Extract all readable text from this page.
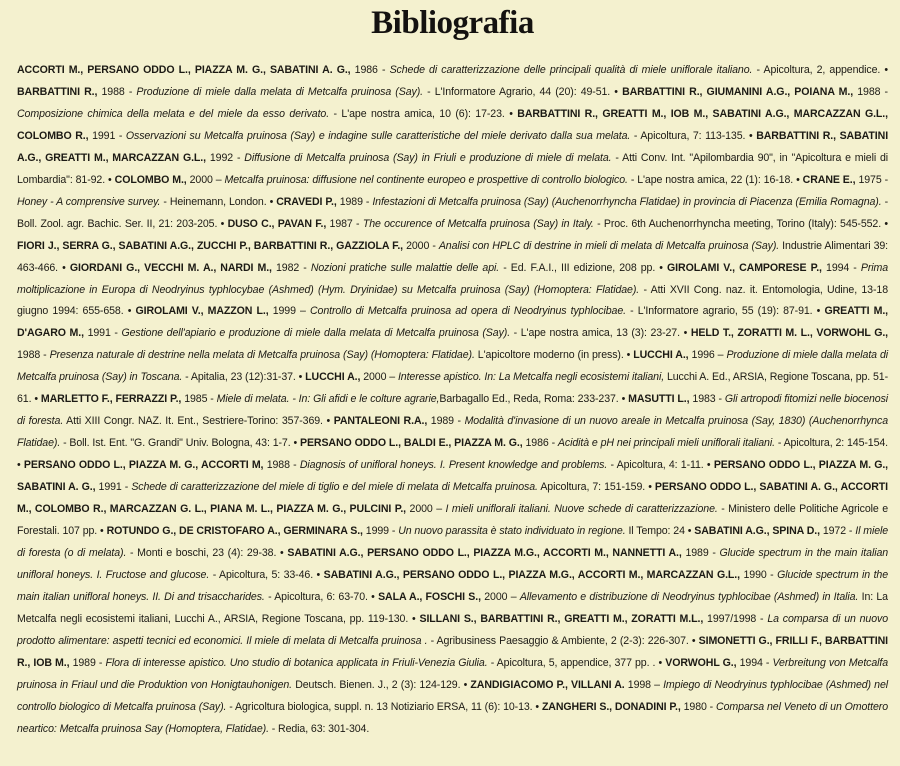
Bibliografia

ACCORTI M., PERSANO ODDO L., PIAZZA M. G., SABATINI A. G., 1986 - Schede di caratterizzazione delle principali qualità di miele uniflorale italiano. - Apicoltura, 2, appendice. • BARBATTINI R., 1988 - Produzione di miele dalla melata di Metcalfa pruinosa (Say). - L'Informatore Agrario, 44 (20): 49-51. • BARBATTINI R., GIUMANINI A.G., POIANA M., 1988 - Composizione chimica della melata e del miele da esso derivato. - L'ape nostra amica, 10 (6): 17-23. • BARBATTINI R., GREATTI M., IOB M., SABATINI A.G., MARCAZZAN G.L., COLOMBO R., 1991 - Osservazioni su Metcalfa pruinosa (Say) e indagine sulle caratteristiche del miele derivato dalla sua melata. - Apicoltura, 7: 113-135. • BARBATTINI R., SABATINI A.G., GREATTI M., MARCAZZAN G.L., 1992 - Diffusione di Metcalfa pruinosa (Say) in Friuli e produzione di miele di melata. - Atti Conv. Int. "Apilombardia 90", in "Apicoltura e mieli di Lombardia": 81-92. • COLOMBO M., 2000 – Metcalfa pruinosa: diffusione nel continente europeo e prospettive di controllo biologico. - L'ape nostra amica, 22 (1): 16-18. • CRANE E., 1975 - Honey - A comprensive survey. - Heinemann, London. • CRAVEDI P., 1989 - Infestazioni di Metcalfa pruinosa (Say) (Auchenorrhyncha Flatidae) in provincia di Piacenza (Emilia Romagna). - Boll. Zool. agr. Bachic. Ser. II, 21: 203-205. • DUSO C., PAVAN F., 1987 - The occurence of Metcalfa pruinosa (Say) in Italy. - Proc. 6th Auchenorrhyncha meeting, Torino (Italy): 545-552. • FIORI J., SERRA G., SABATINI A.G., ZUCCHI P., BARBATTINI R., GAZZIOLA F., 2000 - Analisi con HPLC di destrine in mieli di melata di Metcalfa pruinosa (Say). Industrie Alimentari 39: 463-466. • GIORDANI G., VECCHI M. A., NARDI M., 1982 - Nozioni pratiche sulle malattie delle api. - Ed. F.A.I., III edizione, 208 pp. • GIROLAMI V., CAMPORESE P., 1994 - Prima moltiplicazione in Europa di Neodryinus typhlocybae (Ashmed) (Hym. Dryinidae) su Metcalfa pruinosa (Say) (Homoptera: Flatidae). - Atti XVII Cong. naz. it. Entomologia, Udine, 13-18 giugno 1994: 655-658. • GIROLAMI V., MAZZON L., 1999 – Controllo di Metcalfa pruinosa ad opera di Neodryinus typhlocibae. - L'Informatore agrario, 55 (19): 87-91. • GREATTI M., D'AGARO M., 1991 - Gestione dell'apiario e produzione di miele dalla melata di Metcalfa pruinosa (Say). - L'ape nostra amica, 13 (3): 23-27. • HELD T., ZORATTI M. L., VORWOHL G., 1988 - Presenza naturale di destrine nella melata di Metcalfa pruinosa (Say) (Homoptera: Flatidae). L'apicoltore moderno (in press). • LUCCHI A., 1996 – Produzione di miele dalla melata di Metcalfa pruinosa (Say) in Toscana. - Apitalia, 23 (12):31-37. • LUCCHI A., 2000 – Interesse apistico. In: La Metcalfa negli ecosistemi italiani, Lucchi A. Ed., ARSIA, Regione Toscana, pp. 51-61. • MARLETTO F., FERRAZZI P., 1985 - Miele di melata. - In: Gli afidi e le colture agrarie,Barbagallo Ed., Reda, Roma: 233-237. • MASUTTI L., 1983 - Gli artropodi fitomizi nelle biocenosi di foresta. Atti XIII Congr. NAZ. It. Ent., Sestriere-Torino: 357-369. • PANTALEONI R.A., 1989 - Modalità d'invasione di un nuovo areale in Metcalfa pruinosa (Say, 1830) (Auchenorrhynca Flatidae). - Boll. Ist. Ent. "G. Grandi" Univ. Bologna, 43: 1-7. • PERSANO ODDO L., BALDI E., PIAZZA M. G., 1986 - Acidità e pH nei principali mieli uniflorali italiani. - Apicoltura, 2: 145-154. • PERSANO ODDO L., PIAZZA M. G., ACCORTI M, 1988 - Diagnosis of unifloral honeys. I. Present knowledge and problems. - Apicoltura, 4: 1-11. • PERSANO ODDO L., PIAZZA M. G., SABATINI A. G., 1991 - Schede di caratterizzazione del miele di tiglio e del miele di melata di Metcalfa pruinosa. Apicoltura, 7: 151-159. • PERSANO ODDO L., SABATINI A. G., ACCORTI M., COLOMBO R., MARCAZZAN G. L., PIANA M. L., PIAZZA M. G., PULCINI P., 2000 – I mieli uniflorali italiani. Nuove schede di caratterizzazione. - Ministero delle Politiche Agricole e Forestali. 107 pp. • ROTUNDO G., DE CRISTOFARO A., GERMINARA S., 1999 - Un nuovo parassita è stato individuato in regione. Il Tempo: 24 • SABATINI A.G., SPINA D., 1972 - Il miele di foresta (o di melata). - Monti e boschi, 23 (4): 29-38. • SABATINI A.G., PERSANO ODDO L., PIAZZA M.G., ACCORTI M., NANNETTI A., 1989 - Glucide spectrum in the main italian unifloral honeys. I. Fructose and glucose. - Apicoltura, 5: 33-46. • SABATINI A.G., PERSANO ODDO L., PIAZZA M.G., ACCORTI M., MARCAZZAN G.L., 1990 - Glucide spectrum in the main italian unifloral honeys. II. Di and trisaccharides. - Apicoltura, 6: 63-70. • SALA A., FOSCHI S., 2000 – Allevamento e distribuzione di Neodryinus typhlocibae (Ashmed) in Italia. In: La Metcalfa negli ecosistemi italiani, Lucchi A., ARSIA, Regione Toscana, pp. 119-130. • SILLANI S., BARBATTINI R., GREATTI M., ZORATTI M.L., 1997/1998 - La comparsa di un nuovo prodotto alimentare: aspetti tecnici ed economici. Il miele di melata di Metcalfa pruinosa . - Agribusiness Paesaggio & Ambiente, 2 (2-3): 226-307. • SIMONETTI G., FRILLI F., BARBATTINI R., IOB M., 1989 - Flora di interesse apistico. Uno studio di botanica applicata in Friuli-Venezia Giulia. - Apicoltura, 5, appendice, 377 pp. . • VORWOHL G., 1994 - Verbreitung von Metcalfa pruinosa in Friaul und die Produktion von Honigtauhonigen. Deutsch. Bienen. J., 2 (3): 124-129. • ZANDIGIACOMO P., VILLANI A. 1998 – Impiego di Neodryinus typhlocibae (Ashmed) nel controllo biologico di Metcalfa pruinosa (Say). - Agricoltura biologica, suppl. n. 13 Notiziario ERSA, 11 (6): 10-13. • ZANGHERI S., DONADINI P., 1980 - Comparsa nel Veneto di un Omottero neartico: Metcalfa pruinosa Say (Homoptera, Flatidae). - Redia, 63: 301-304.
